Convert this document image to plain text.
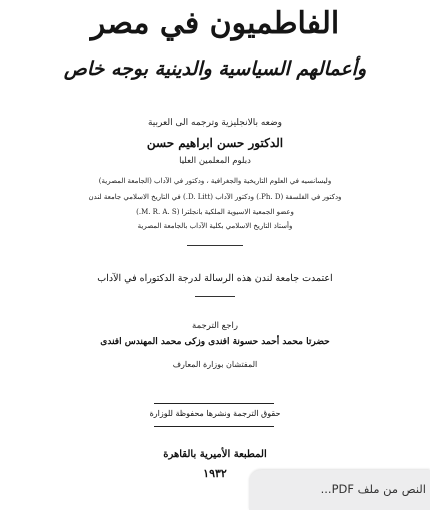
الفاطميون في مصر
وأعمالهم السياسية والدينية بوجه خاص
وضعه بالانجليزية وترجمه الى العربية
الدكتور حسن ابراهيم حسن
دبلوم المعلمين العليا
وليسانسيه في العلوم التاريخية والجغرافية ، ودكتور في الآداب (الجامعة المصرية)
ودكتور في الفلسفة (Ph. D.) ودكتور الآداب (D. Litt.) في التاريخ الاسلامي جامعة لندن
وعضو الجمعية الاسيوية الملكية بانجلترا (M. R. A. S.)
وأستاذ التاريخ الاسلامي بكلية الآداب بالجامعة المصرية
اعتمدت جامعة لندن هذه الرسالة لدرجة الدكتوراه في الآداب
راجع الترجمة
حضرتا محمد أحمد حسونة افندى وزكى محمد المهندس افندى
المفتشان بوزارة المعارف
حقوق الترجمة ونشرها محفوظة للوزارة
المطبعة الأميرية بالقاهرة
١٩٣٢
النص من ملف PDF...
